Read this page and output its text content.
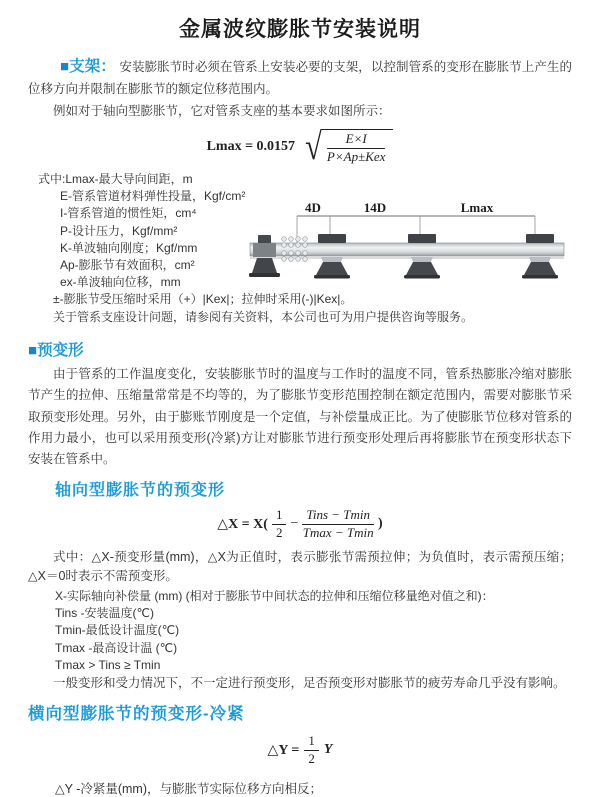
金属波纹膨胀节安装说明

■支架： 安装膨胀节时必须在管系上安装必要的支架，以控制管系的变形在膨胀节上产生的位移方向并限制在膨胀节的额定位移范围内。

例如对于轴向型膨胀节，它对管系支座的基本要求如图所示：

Lmax = 0.0157 √ $\frac{E\times I}{\text{P×Ap±Kex}}$
式中:Lmax-最大导向间距，m
E-管系管道材料弹性投量，Kgf/cm²
I-管系管道的惯性矩，cm⁴
P-设计压力，Kgf/mm²
K-单波轴向刚度；Kgf/mm
Ap-膨胀节有效面积，cm²
ex-单波轴向位移，mm
±-膨胀节受压缩时采用（+）|Kex|；拉伸时采用(-)|Kex|。
关于管系支座设计问题，请参阅有关资料，本公司也可为用户提供咨询等服务。
4D	14D	Lmax
■预变形

由于管系的工作温度变化，安装膨胀节时的温度与工作时的温度不同，管系热膨胀冷缩对膨胀节产生的拉伸、压缩量常常是不均等的，为了膨胀节变形范围控制在额定范围内，需要对膨胀节采取预变形处理。另外，由于膨账节刚度是一个定值，与补偿量成正比。为了使膨胀节位移对管系的作用力最小，也可以采用预变形(冷紧)方让对膨胀节进行预变形处理后再将膨胀节在预变形状态下安装在管系中。

轴向型膨胀节的预变形
△X = $X( \frac{1}{2} - \frac{\text{Tins − Tmin}}{Tmax - Tmin}$ )

式中：△X-预变形量(mm)，△X为正值时，表示膨张节需预拉伸；为负值时，表示需预压缩；△X＝0时表示不需预变形。

X-实际轴向补偿量 (mm) (相对于膨胀节中间状态的拉伸和压缩位移量绝对值之和)：
Tins -安装温度(℃)
Tmin-最低设计温度(℃)
Tmax -最高设计温 (℃)
Tmax > Tins ≥ Tmin

一般变形和受力情况下，不一定进行预变形，足否预变形对膨胀节的疲劳寿命几乎没有影响。

横向型膨胀节的预变形-冷紧
△Y = $\frac{1}{2}$ Y
△Y -冷紧量(mm)，与膨胀节实际位移方向相反；
